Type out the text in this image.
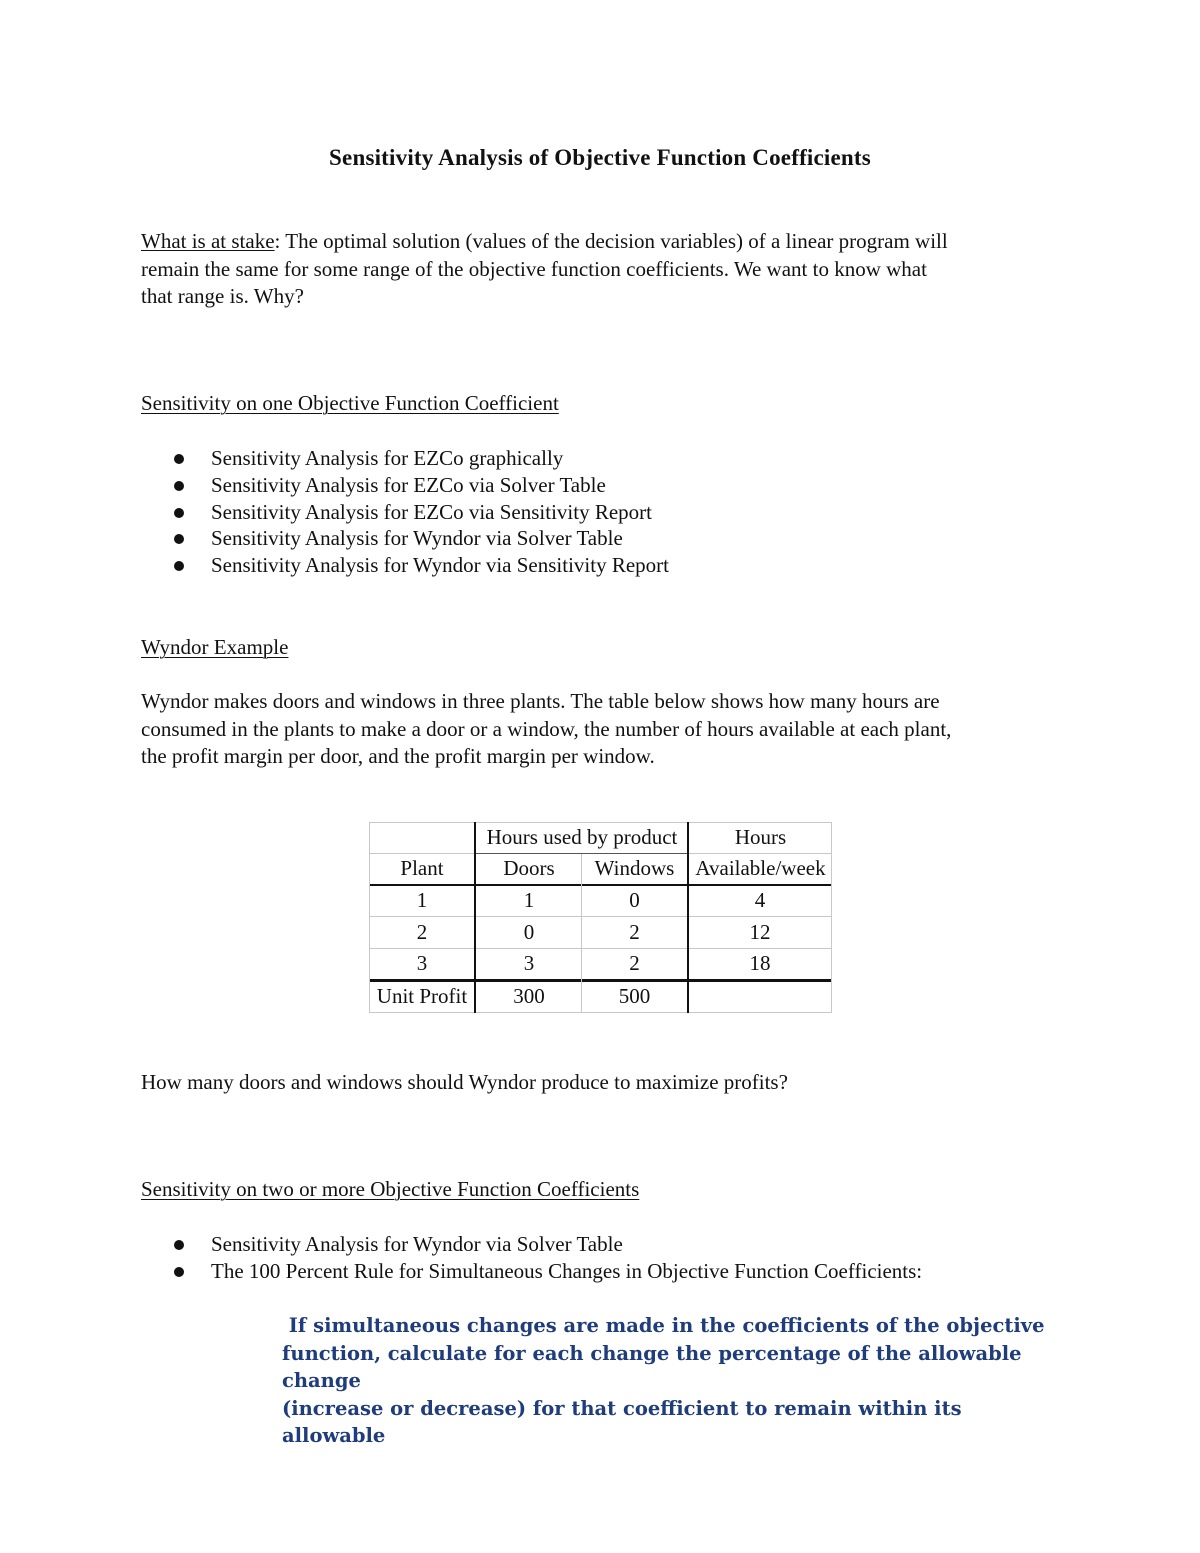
Sensitivity Analysis of Objective Function Coefficients
What is at stake: The optimal solution (values of the decision variables) of a linear program will
remain the same for some range of the objective function coefficients. We want to know what
that range is. Why?
Sensitivity on one Objective Function Coefficient
Sensitivity Analysis for EZCo graphically
Sensitivity Analysis for EZCo via Solver Table
Sensitivity Analysis for EZCo via Sensitivity Report
Sensitivity Analysis for Wyndor via Solver Table
Sensitivity Analysis for Wyndor via Sensitivity Report
Wyndor Example
Wyndor makes doors and windows in three plants. The table below shows how many hours are
consumed in the plants to make a door or a window, the number of hours available at each plant,
the profit margin per door, and the profit margin per window.
Hours used by product	Hours
Plant	Doors	Windows	Available/week
1	1	0	4
2	0	2	12
3	3	2	18
Unit Profit	300	500
How many doors and windows should Wyndor produce to maximize profits?
Sensitivity on two or more Objective Function Coefficients
Sensitivity Analysis for Wyndor via Solver Table
The 100 Percent Rule for Simultaneous Changes in Objective Function Coefficients:
If simultaneous changes are made in the coefficients of the objective
function, calculate for each change the percentage of the allowable change
(increase or decrease) for that coefficient to remain within its allowable
